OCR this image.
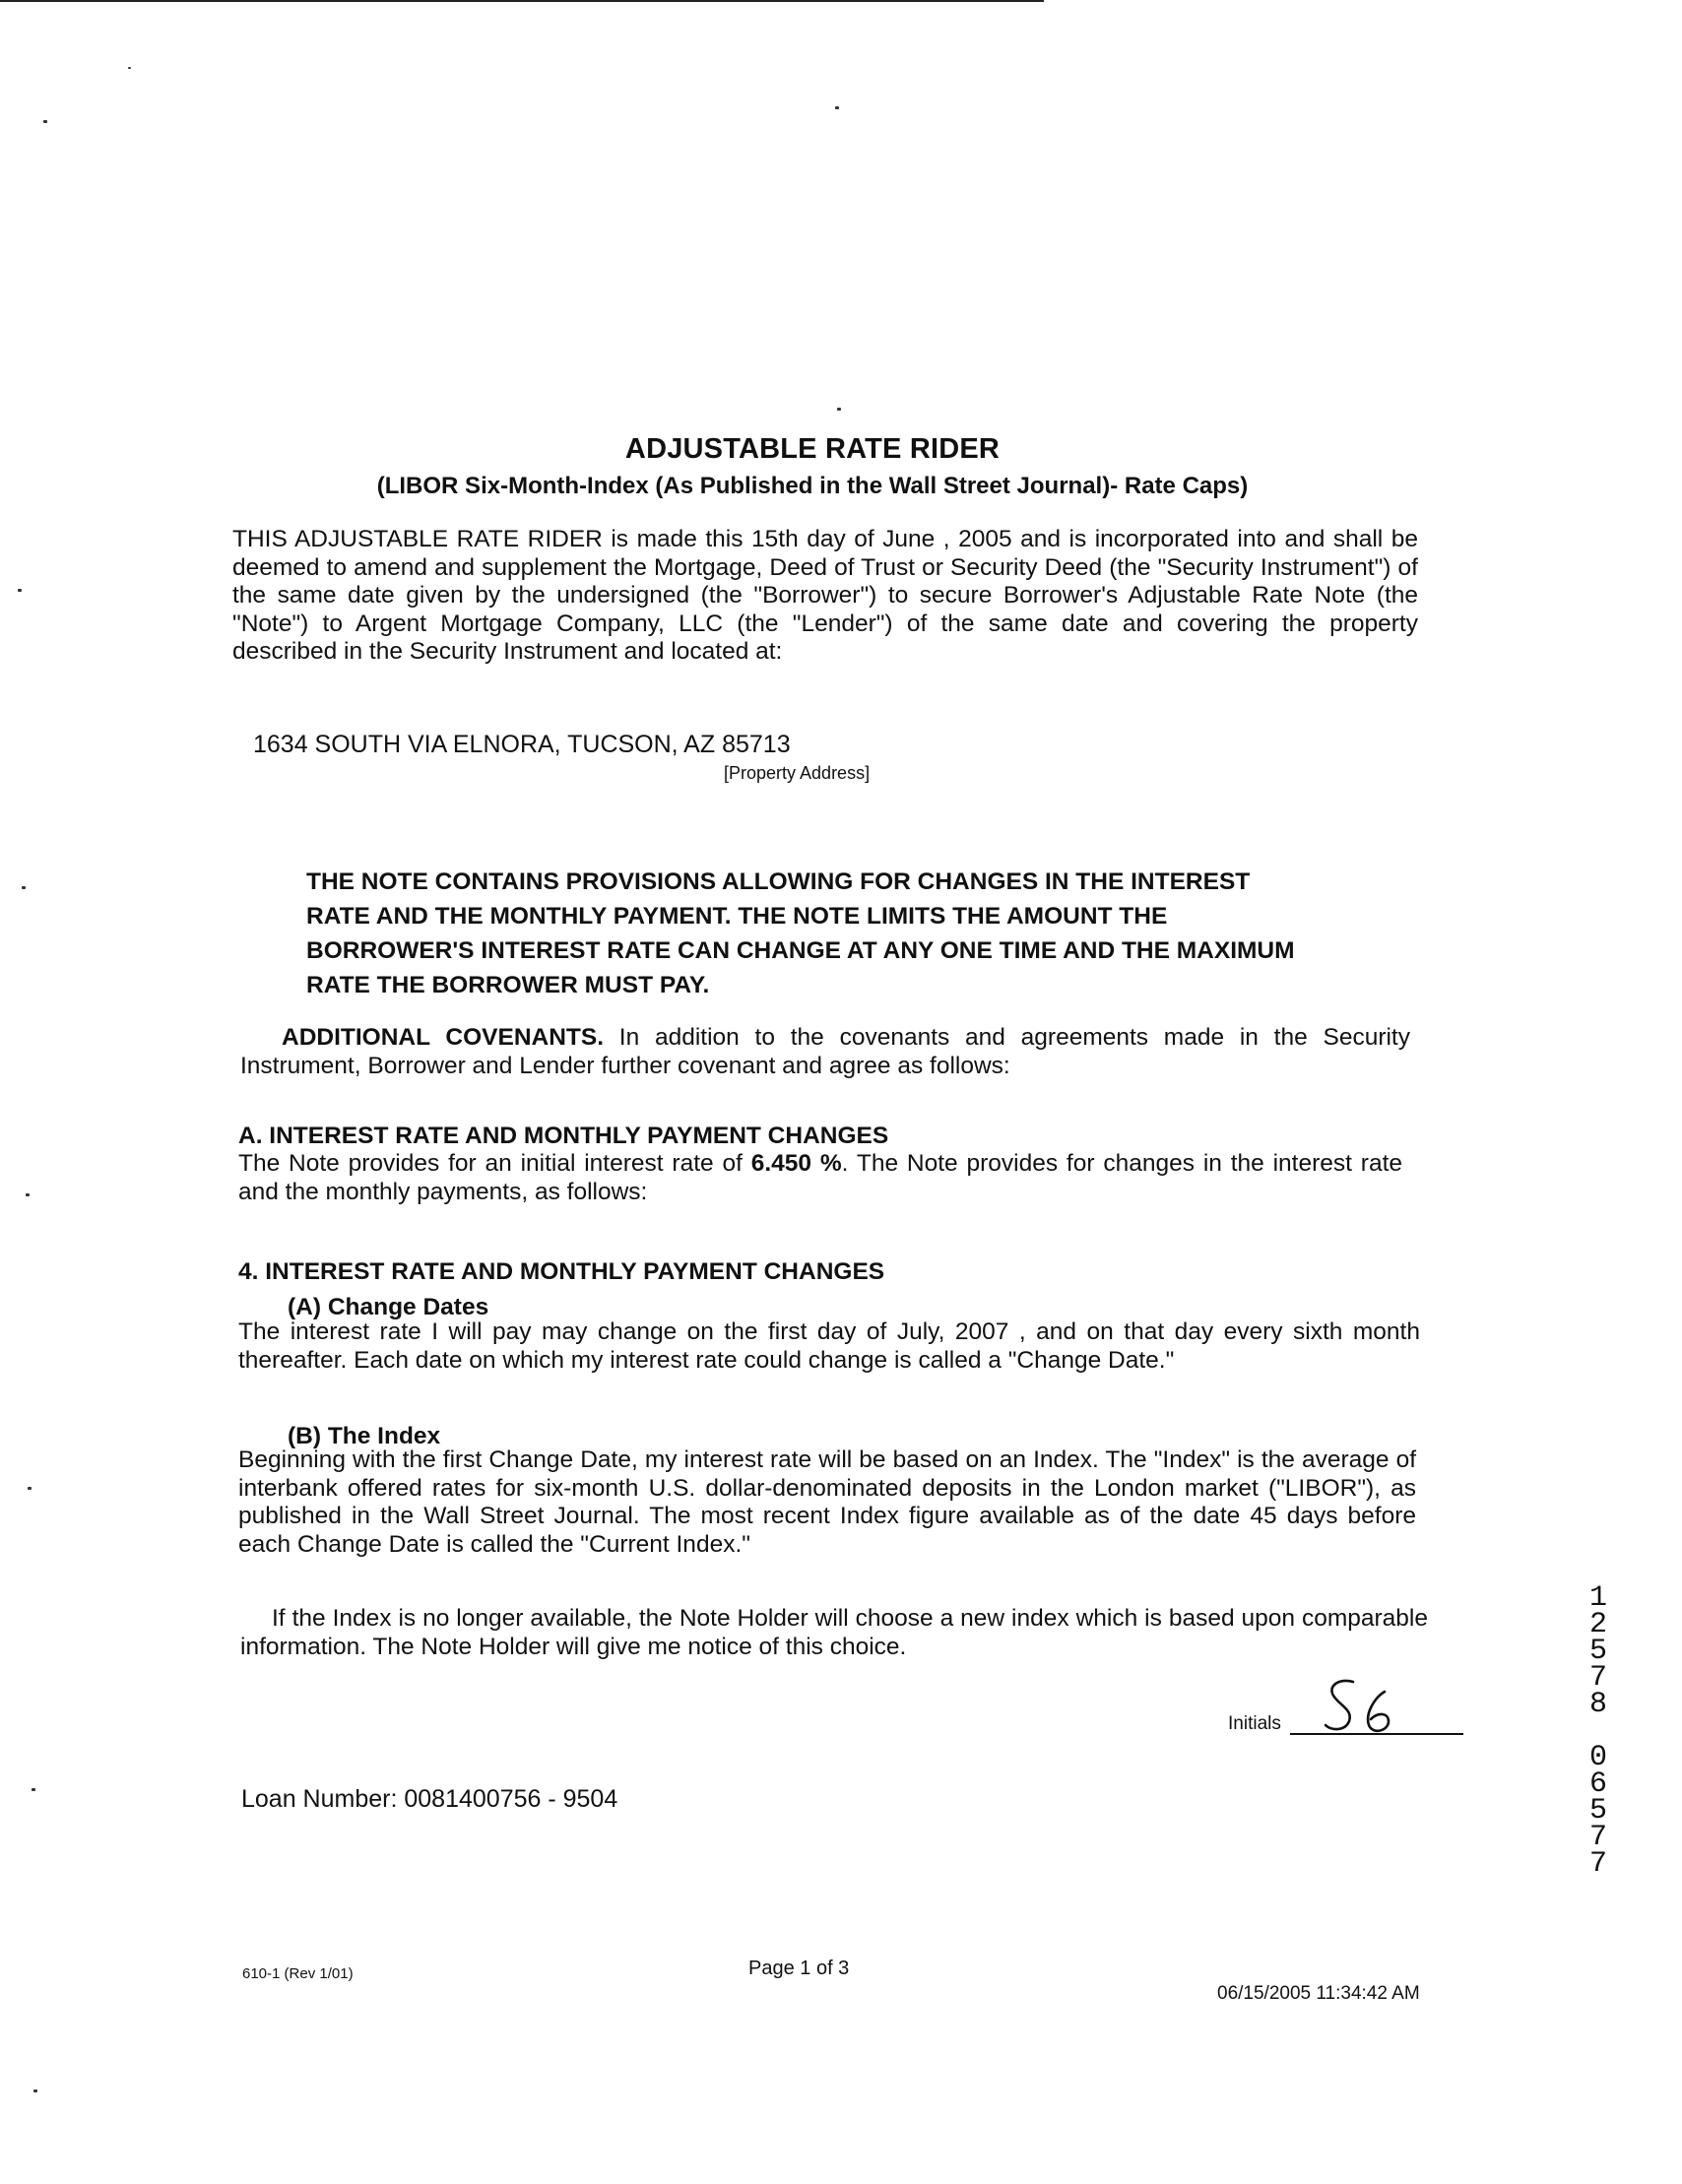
ADJUSTABLE RATE RIDER
(LIBOR Six-Month-Index (As Published in the Wall Street Journal)- Rate Caps)
THIS ADJUSTABLE RATE RIDER is made this 15th day of June , 2005 and is incorporated into and shall be deemed to amend and supplement the Mortgage, Deed of Trust or Security Deed (the "Security Instrument") of the same date given by the undersigned (the "Borrower") to secure Borrower's Adjustable Rate Note (the "Note") to Argent Mortgage Company, LLC (the "Lender") of the same date and covering the property described in the Security Instrument and located at:
1634 SOUTH VIA ELNORA, TUCSON, AZ 85713
[Property Address]
THE NOTE CONTAINS PROVISIONS ALLOWING FOR CHANGES IN THE INTEREST RATE AND THE MONTHLY PAYMENT. THE NOTE LIMITS THE AMOUNT THE BORROWER'S INTEREST RATE CAN CHANGE AT ANY ONE TIME AND THE MAXIMUM RATE THE BORROWER MUST PAY.
ADDITIONAL COVENANTS. In addition to the covenants and agreements made in the Security Instrument, Borrower and Lender further covenant and agree as follows:
A. INTEREST RATE AND MONTHLY PAYMENT CHANGES
The Note provides for an initial interest rate of 6.450 %. The Note provides for changes in the interest rate and the monthly payments, as follows:
4. INTEREST RATE AND MONTHLY PAYMENT CHANGES
(A) Change Dates
The interest rate I will pay may change on the first day of July, 2007 , and on that day every sixth month thereafter. Each date on which my interest rate could change is called a "Change Date."
(B) The Index
Beginning with the first Change Date, my interest rate will be based on an Index. The "Index" is the average of interbank offered rates for six-month U.S. dollar-denominated deposits in the London market ("LIBOR"), as published in the Wall Street Journal. The most recent Index figure available as of the date 45 days before each Change Date is called the "Current Index."
If the Index is no longer available, the Note Holder will choose a new index which is based upon comparable information. The Note Holder will give me notice of this choice.
Initials
Loan Number: 0081400756 - 9504
610-1 (Rev 1/01)	Page 1 of 3
06/15/2005 11:34:42 AM
1
2
5
7
8

0
6
5
7
7
